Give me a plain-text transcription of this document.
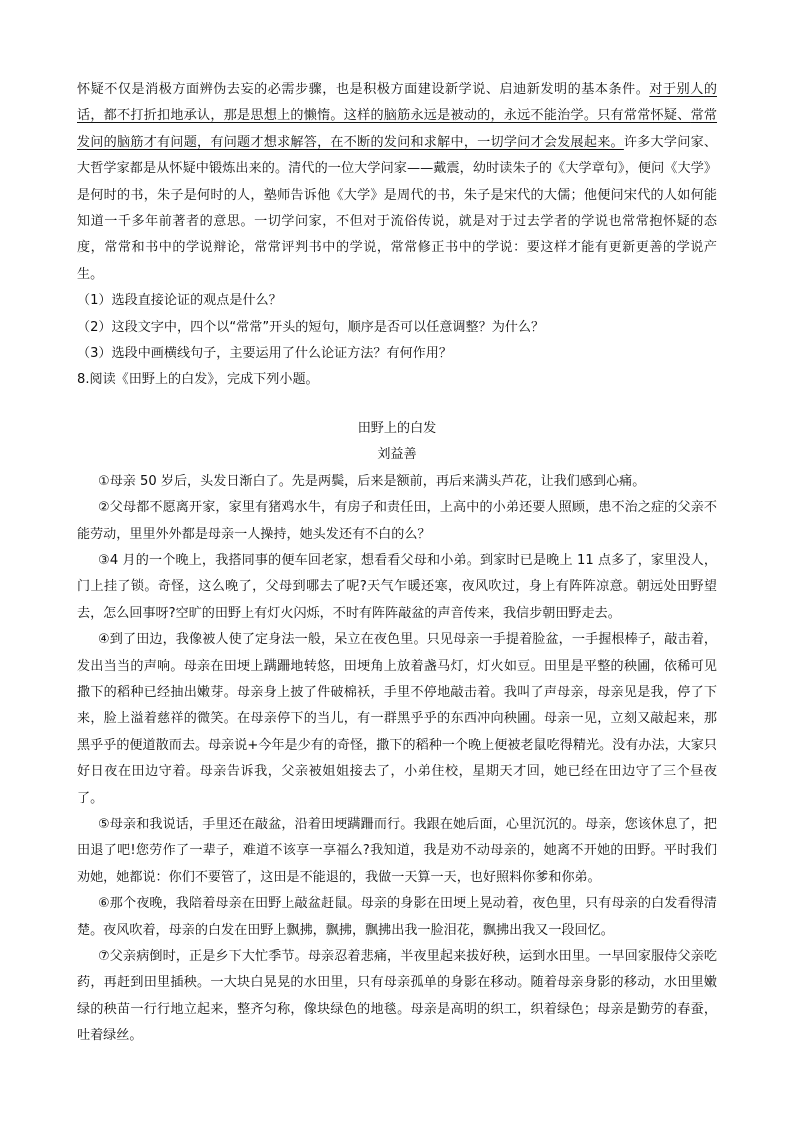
怀疑不仅是消极方面辨伪去妄的必需步骤，也是积极方面建设新学说、启迪新发明的基本条件。对于别人的话，都不打折扣地承认，那是思想上的懒惰。这样的脑筋永远是被动的，永远不能治学。只有常常怀疑、常常发问的脑筋才有问题，有问题才想求解答，在不断的发问和求解中，一切学问才会发展起来。许多大学问家、大哲学家都是从怀疑中锻炼出来的。清代的一位大学问家——戴震，幼时读朱子的《大学章句》，便问《大学》是何时的书，朱子是何时的人，塾师告诉他《大学》是周代的书，朱子是宋代的大儒；他便问宋代的人如何能知道一千多年前著者的意思。一切学问家，不但对于流俗传说，就是对于过去学者的学说也常常抱怀疑的态度，常常和书中的学说辩论，常常评判书中的学说，常常修正书中的学说：要这样才能有更新更善的学说产生。

（1）选段直接论证的观点是什么？

（2）这段文字中，四个以“常常”开头的短句，顺序是否可以任意调整？为什么？

（3）选段中画横线句子，主要运用了什么论证方法？有何作用？

8.阅读《田野上的白发》，完成下列小题。

田野上的白发

刘益善

①母亲 50 岁后，头发日渐白了。先是两鬓，后来是额前，再后来满头芦花，让我们感到心痛。

②父母都不愿离开家，家里有猪鸡水牛，有房子和责任田，上高中的小弟还要人照顾，患不治之症的父亲不能劳动，里里外外都是母亲一人操持，她头发还有不白的么？

③4 月的一个晚上，我搭同事的便车回老家，想看看父母和小弟。到家时已是晚上 11 点多了，家里没人，门上挂了锁。奇怪，这么晚了，父母到哪去了呢?天气乍暖还寒，夜风吹过，身上有阵阵凉意。朝远处田野望去，怎么回事呀?空旷的田野上有灯火闪烁，不时有阵阵敲盆的声音传来，我信步朝田野走去。

④到了田边，我像被人使了定身法一般，呆立在夜色里。只见母亲一手提着脸盆，一手握根棒子，敲击着，发出当当的声响。母亲在田埂上蹒跚地转悠，田埂角上放着盏马灯，灯火如豆。田里是平整的秧圃，依稀可见撒下的稻种已经抽出嫩芽。母亲身上披了件破棉袄，手里不停地敲击着。我叫了声母亲，母亲见是我，停了下来，脸上溢着慈祥的微笑。在母亲停下的当儿，有一群黑乎乎的东西冲向秧圃。母亲一见，立刻又敲起来，那黑乎乎的便道散而去。母亲说+今年是少有的奇怪，撒下的稻种一个晚上便被老鼠吃得精光。没有办法，大家只好日夜在田边守着。母亲告诉我，父亲被姐姐接去了，小弟住校，星期天才回，她已经在田边守了三个昼夜了。

⑤母亲和我说话，手里还在敲盆，沿着田埂蹒跚而行。我跟在她后面，心里沉沉的。母亲，您该休息了，把田退了吧!您劳作了一辈子，难道不该享一享福么?我知道，我是劝不动母亲的，她离不开她的田野。平时我们劝她，她都说：你们不要管了，这田是不能退的，我做一天算一天，也好照料你爹和你弟。

⑥那个夜晚，我陪着母亲在田野上敲盆赶鼠。母亲的身影在田埂上晃动着，夜色里，只有母亲的白发看得清楚。夜风吹着，母亲的白发在田野上飘拂，飘拂，飘拂出我一脸泪花，飘拂出我又一段回忆。

⑦父亲病倒时，正是乡下大忙季节。母亲忍着悲痛，半夜里起来拔好秧，运到水田里。一早回家服侍父亲吃药，再赶到田里插秧。一大块白晃晃的水田里，只有母亲孤单的身影在移动。随着母亲身影的移动，水田里嫩绿的秧苗一行行地立起来，整齐匀称，像块绿色的地毯。母亲是高明的织工，织着绿色；母亲是勤劳的春蚕，吐着绿丝。
